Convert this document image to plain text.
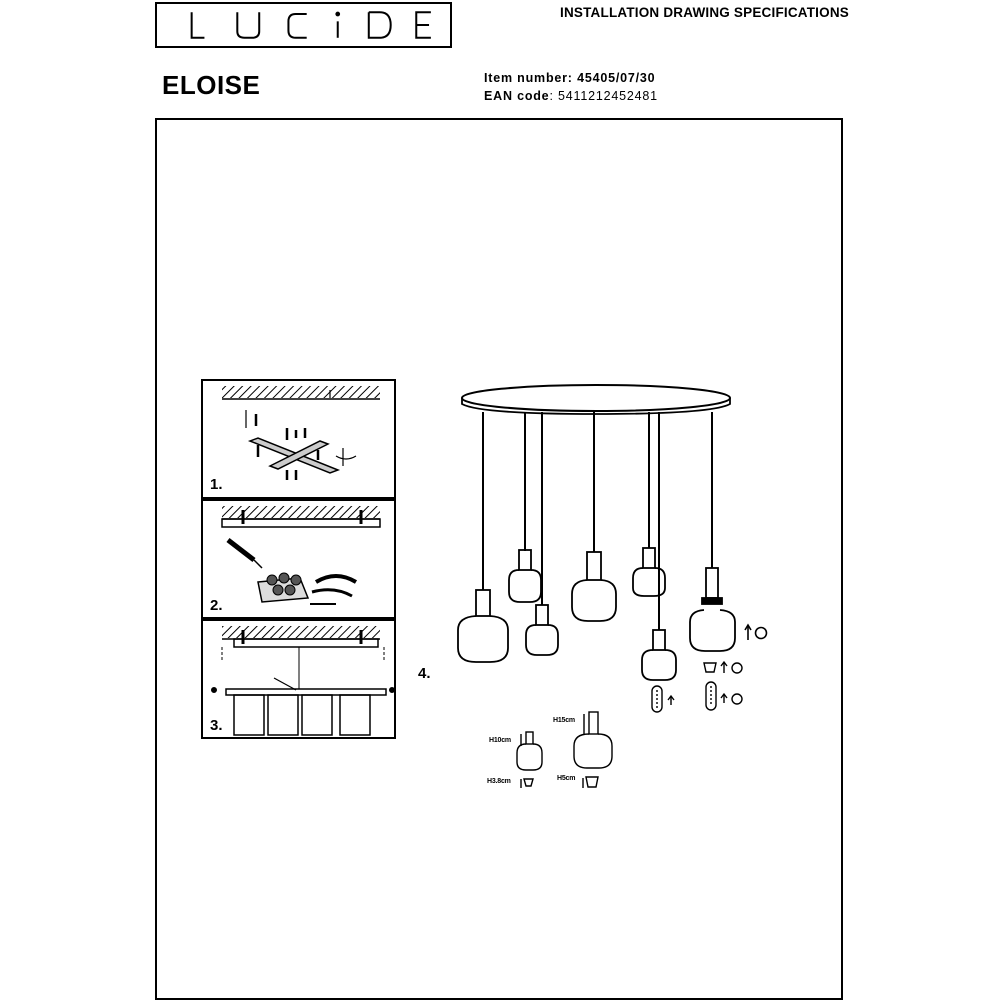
INSTALLATION DRAWING SPECIFICATIONS
ELOISE	Item number: 45405/07/30
EAN code: 5411212452481
1.
2.
3.
4.
H10cm
H3.8cm
H15cm
H5cm
